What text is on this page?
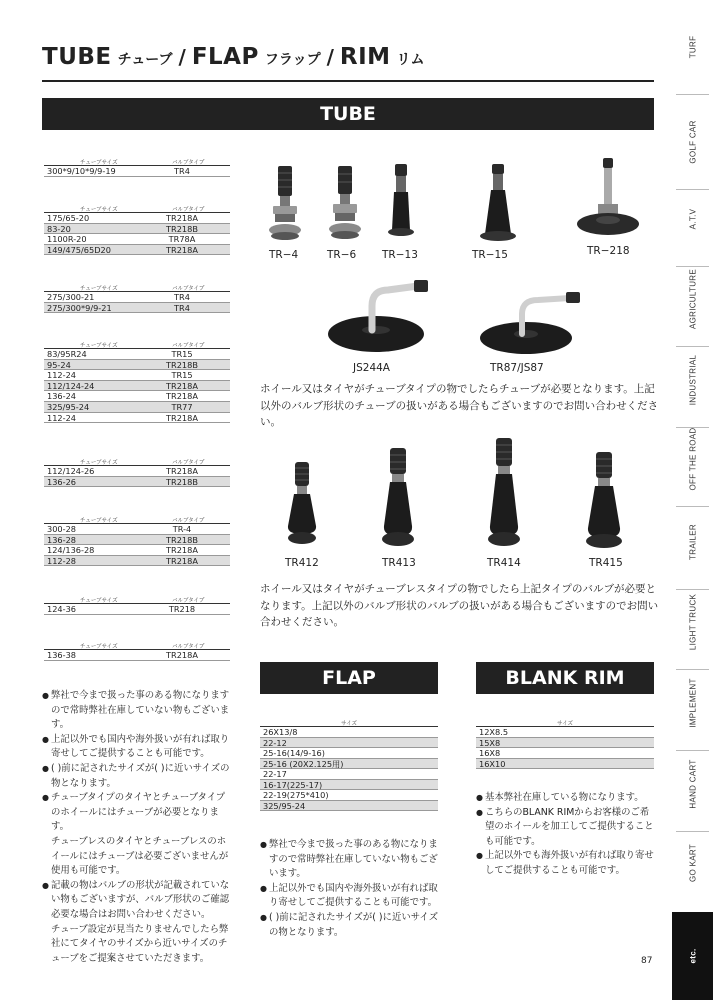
TUBE チューブ / FLAP フラップ / RIM リム
TUBE
FLAP	BLANK RIM
TURF
GOLF CAR
A.T.V
AGRICULTURE
INDUSTRIAL
OFF THE ROAD
TRAILER
LIGHT TRUCK
IMPLEMENT
HAND CART
GO KART
etc.
チューブサイズ	バルブタイプ
300*9/10*9/9-19	TR4
チューブサイズ	バルブタイプ
175/65-20	TR218A
83-20	TR218B
1100R-20	TR78A
149/475/65D20	TR218A
チューブサイズ	バルブタイプ
275/300-21	TR4
275/300*9/9-21	TR4
チューブサイズ	バルブタイプ
83/95R24	TR15
95-24	TR218B
112-24	TR15
112/124-24	TR218A
136-24	TR218A
325/95-24	TR77
112-24	TR218A
チューブサイズ	バルブタイプ
112/124-26	TR218A
136-26	TR218B
チューブサイズ	バルブタイプ
300-28	TR-4
136-28	TR218B
124/136-28	TR218A
112-28	TR218A
チューブサイズ	バルブタイプ
124-36	TR218
チューブサイズ	バルブタイプ
136-38	TR218A
TR−4	TR−6 TR−13	TR−15	TR−218
JS244A	TR87/JS87
ホイール又はタイヤがチューブタイプの物でしたらチューブが必要となります。上記以外のバルブ形状のチューブの扱いがある場合もございますのでお問い合わせください。
TR412	TR413	TR414	TR415
ホイール又はタイヤがチューブレスタイプの物でしたら上記タイプのバルブが必要となります。上記以外のバルブ形状のバルブの扱いがある場合もございますのでお問い合わせください。
● 弊社で今まで扱った事のある物になりますので常時弊社在庫していない物もございます。
● 上記以外でも国内や海外扱いが有れば取り寄せしてご提供することも可能です。
● ( )前に記されたサイズが( )に近いサイズの物となります。
● チューブタイプのタイヤとチューブタイプのホイールにはチューブが必要となります。
チューブレスのタイヤとチューブレスのホイールにはチューブは必要ございませんが使用も可能です。
● 記載の物はバルブの形状が記載されていない物もございますが、バルブ形状のご確認必要な場合はお問い合わせください。
チューブ設定が見当たりませんでしたら弊社にてタイヤのサイズから近いサイズのチューブをご提案させていただきます。
サイズ
26X13/8
22-12
25-16(14/9-16)
25-16 (20X2.125用)
22-17
16-17(225-17)
22-19(275*410)
325/95-24
● 弊社で今まで扱った事のある物になりますので常時弊社在庫していない物もございます。
● 上記以外でも国内や海外扱いが有れば取り寄せしてご提供することも可能です。
● ( )前に記されたサイズが( )に近いサイズの物となります。
サイズ
12X8.5
15X8
16X8
16X10
● 基本弊社在庫している物になります。
● こちらのBLANK RIMからお客様のご希望のホイールを加工してご提供することも可能です。
● 上記以外でも海外扱いが有れば取り寄せしてご提供することも可能です。
87
